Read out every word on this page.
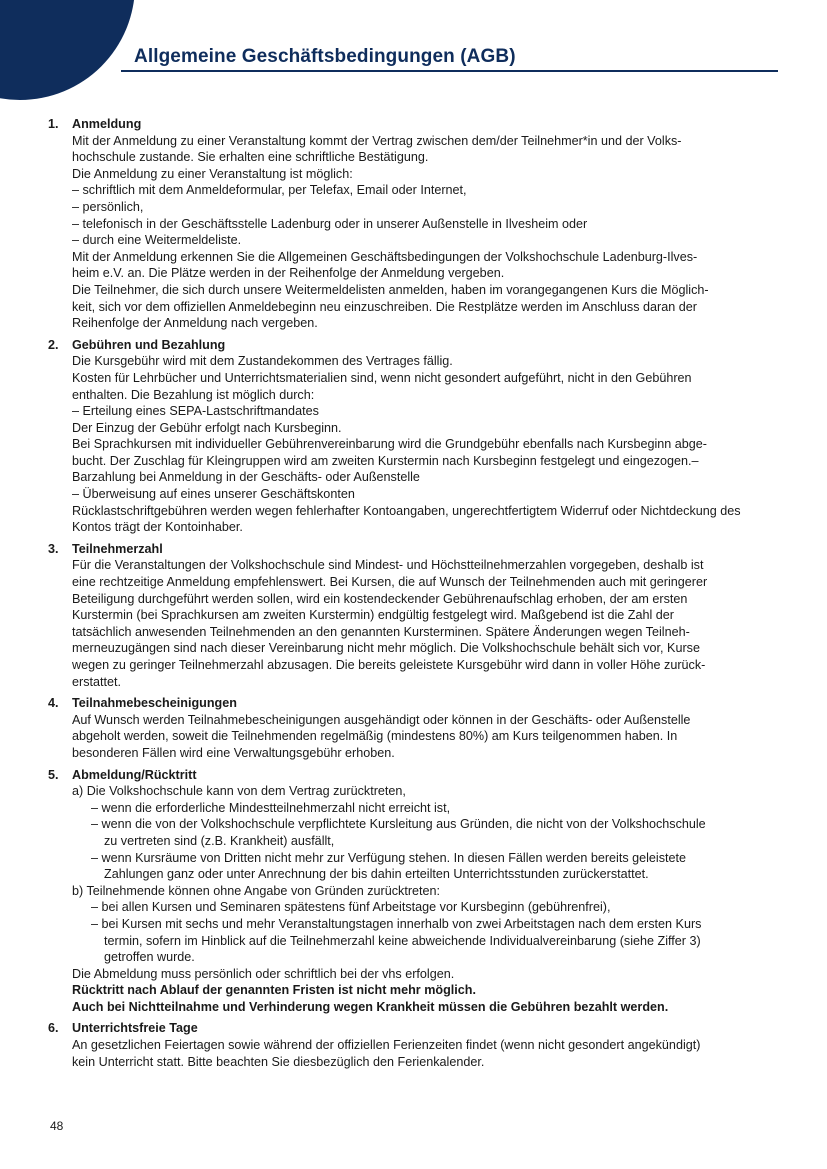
Allgemeine Geschäftsbedingungen (AGB)
1. Anmeldung
Mit der Anmeldung zu einer Veranstaltung kommt der Vertrag zwischen dem/der Teilnehmer*in und der Volks-
hochschule zustande. Sie erhalten eine schriftliche Bestätigung.
Die Anmeldung zu einer Veranstaltung ist möglich:
– schriftlich mit dem Anmeldeformular, per Telefax, Email oder Internet,
– persönlich,
– telefonisch in der Geschäftsstelle Ladenburg oder in unserer Außenstelle in Ilvesheim oder
– durch eine Weitermeldeliste.
Mit der Anmeldung erkennen Sie die Allgemeinen Geschäftsbedingungen der Volkshochschule Ladenburg-Ilves-
heim e.V. an. Die Plätze werden in der Reihenfolge der Anmeldung vergeben.
Die Teilnehmer, die sich durch unsere Weitermeldelisten anmelden, haben im vorangegangenen Kurs die Möglich-
keit, sich vor dem offiziellen Anmeldebeginn neu einzuschreiben. Die Restplätze werden im Anschluss daran der
Reihenfolge der Anmeldung nach vergeben.
2. Gebühren und Bezahlung
Die Kursgebühr wird mit dem Zustandekommen des Vertrages fällig.
Kosten für Lehrbücher und Unterrichtsmaterialien sind, wenn nicht gesondert aufgeführt, nicht in den Gebühren
enthalten. Die Bezahlung ist möglich durch:
– Erteilung eines SEPA-Lastschriftmandates
Der Einzug der Gebühr erfolgt nach Kursbeginn.
Bei Sprachkursen mit individueller Gebührenvereinbarung wird die Grundgebühr ebenfalls nach Kursbeginn abge-
bucht. Der Zuschlag für Kleingruppen wird am zweiten Kurstermin nach Kursbeginn festgelegt und eingezogen.–
Barzahlung bei Anmeldung in der Geschäfts- oder Außenstelle
– Überweisung auf eines unserer Geschäftskonten
Rücklastschriftgebühren werden wegen fehlerhafter Kontoangaben, ungerechtfertigtem Widerruf oder Nichtdeckung des
Kontos trägt der Kontoinhaber.
3. Teilnehmerzahl
Für die Veranstaltungen der Volkshochschule sind Mindest- und Höchstteilnehmerzahlen vorgegeben, deshalb ist
eine rechtzeitige Anmeldung empfehlenswert. Bei Kursen, die auf Wunsch der Teilnehmenden auch mit geringerer
Beteiligung durchgeführt werden sollen, wird ein kostendeckender Gebührenaufschlag erhoben, der am ersten
Kurstermin (bei Sprachkursen am zweiten Kurstermin) endgültig festgelegt wird. Maßgebend ist die Zahl der
tatsächlich anwesenden Teilnehmenden an den genannten Kursterminen. Spätere Änderungen wegen Teilneh-
merneuzugängen sind nach dieser Vereinbarung nicht mehr möglich. Die Volkshochschule behält sich vor, Kurse
wegen zu geringer Teilnehmerzahl abzusagen. Die bereits geleistete Kursgebühr wird dann in voller Höhe zurück-
erstattet.
4. Teilnahmebescheinigungen
Auf Wunsch werden Teilnahmebescheinigungen ausgehändigt oder können in der Geschäfts- oder Außenstelle
abgeholt werden, soweit die Teilnehmenden regelmäßig (mindestens 80%) am Kurs teilgenommen haben. In
besonderen Fällen wird eine Verwaltungsgebühr erhoben.
5. Abmeldung/Rücktritt
a) Die Volkshochschule kann von dem Vertrag zurücktreten,
– wenn die erforderliche Mindestteilnehmerzahl nicht erreicht ist,
– wenn die von der Volkshochschule verpflichtete Kursleitung aus Gründen, die nicht von der Volkshochschule
zu vertreten sind (z.B. Krankheit) ausfällt,
– wenn Kursräume von Dritten nicht mehr zur Verfügung stehen. In diesen Fällen werden bereits geleistete
Zahlungen ganz oder unter Anrechnung der bis dahin erteilten Unterrichtsstunden zurückerstattet.
b) Teilnehmende können ohne Angabe von Gründen zurücktreten:
– bei allen Kursen und Seminaren spätestens fünf Arbeitstage vor Kursbeginn (gebührenfrei),
– bei Kursen mit sechs und mehr Veranstaltungstagen innerhalb von zwei Arbeitstagen nach dem ersten Kurs
termin, sofern im Hinblick auf die Teilnehmerzahl keine abweichende Individualvereinbarung (siehe Ziffer 3)
getroffen wurde.
Die Abmeldung muss persönlich oder schriftlich bei der vhs erfolgen.
Rücktritt nach Ablauf der genannten Fristen ist nicht mehr möglich.
Auch bei Nichtteilnahme und Verhinderung wegen Krankheit müssen die Gebühren bezahlt werden.
6. Unterrichtsfreie Tage
An gesetzlichen Feiertagen sowie während der offiziellen Ferienzeiten findet (wenn nicht gesondert angekündigt)
kein Unterricht statt. Bitte beachten Sie diesbezüglich den Ferienkalender.
48
